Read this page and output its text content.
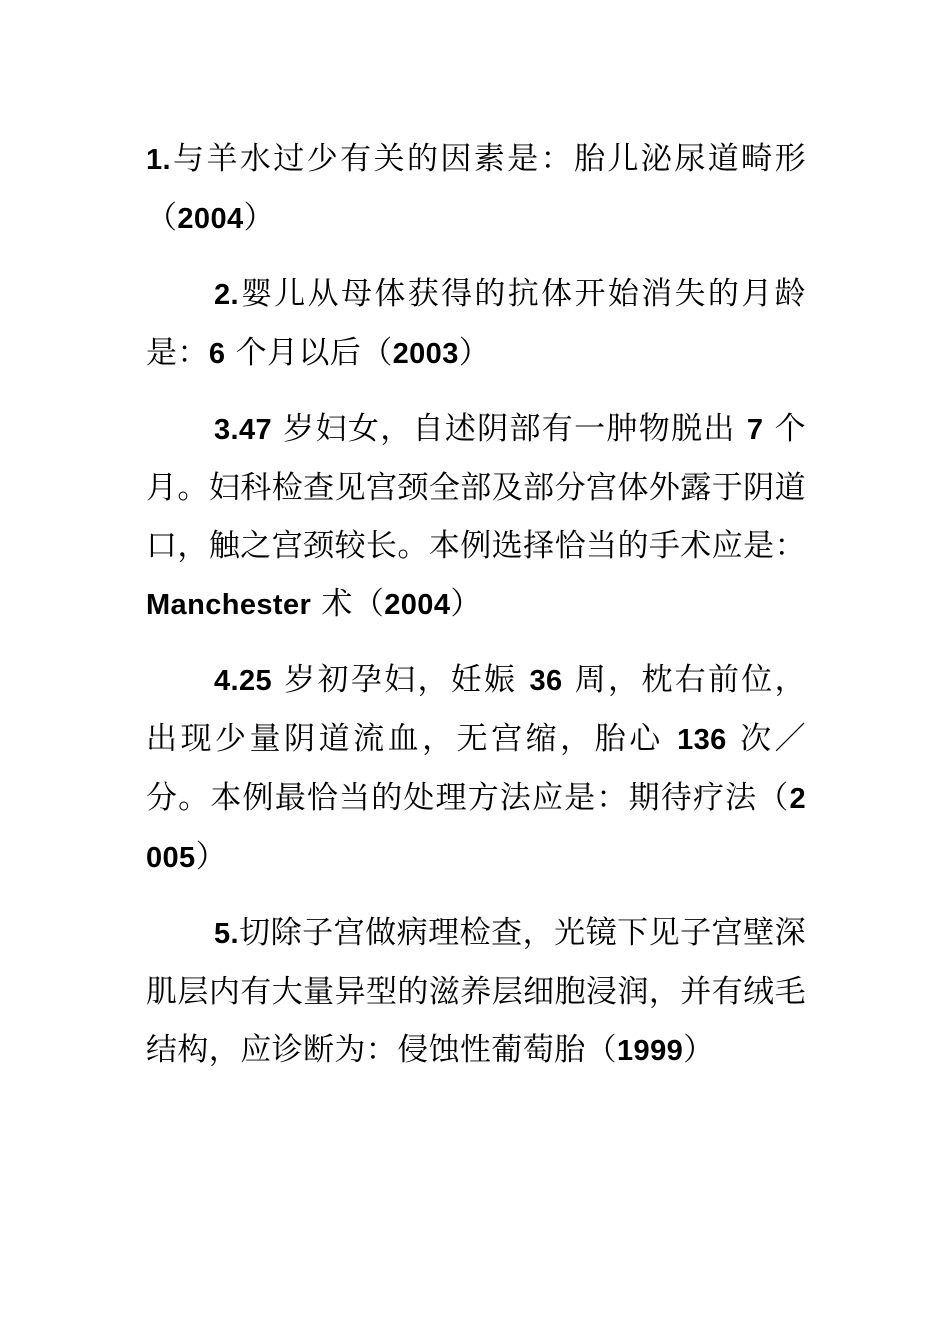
1.与羊水过少有关的因素是：胎儿泌尿道畸形（2004）

2.婴儿从母体获得的抗体开始消失的月龄是：6 个月以后（2003）

3.47 岁妇女，自述阴部有一肿物脱出 7 个月。妇科检查见宫颈全部及部分宫体外露于阴道口，触之宫颈较长。本例选择恰当的手术应是：Manchester 术（2004）

4.25 岁初孕妇，妊娠 36 周，枕右前位，出现少量阴道流血，无宫缩，胎心 136 次／分。本例最恰当的处理方法应是：期待疗法（2005）

5.切除子宫做病理检查，光镜下见子宫壁深肌层内有大量异型的滋养层细胞浸润，并有绒毛结构，应诊断为：侵蚀性葡萄胎（1999）
